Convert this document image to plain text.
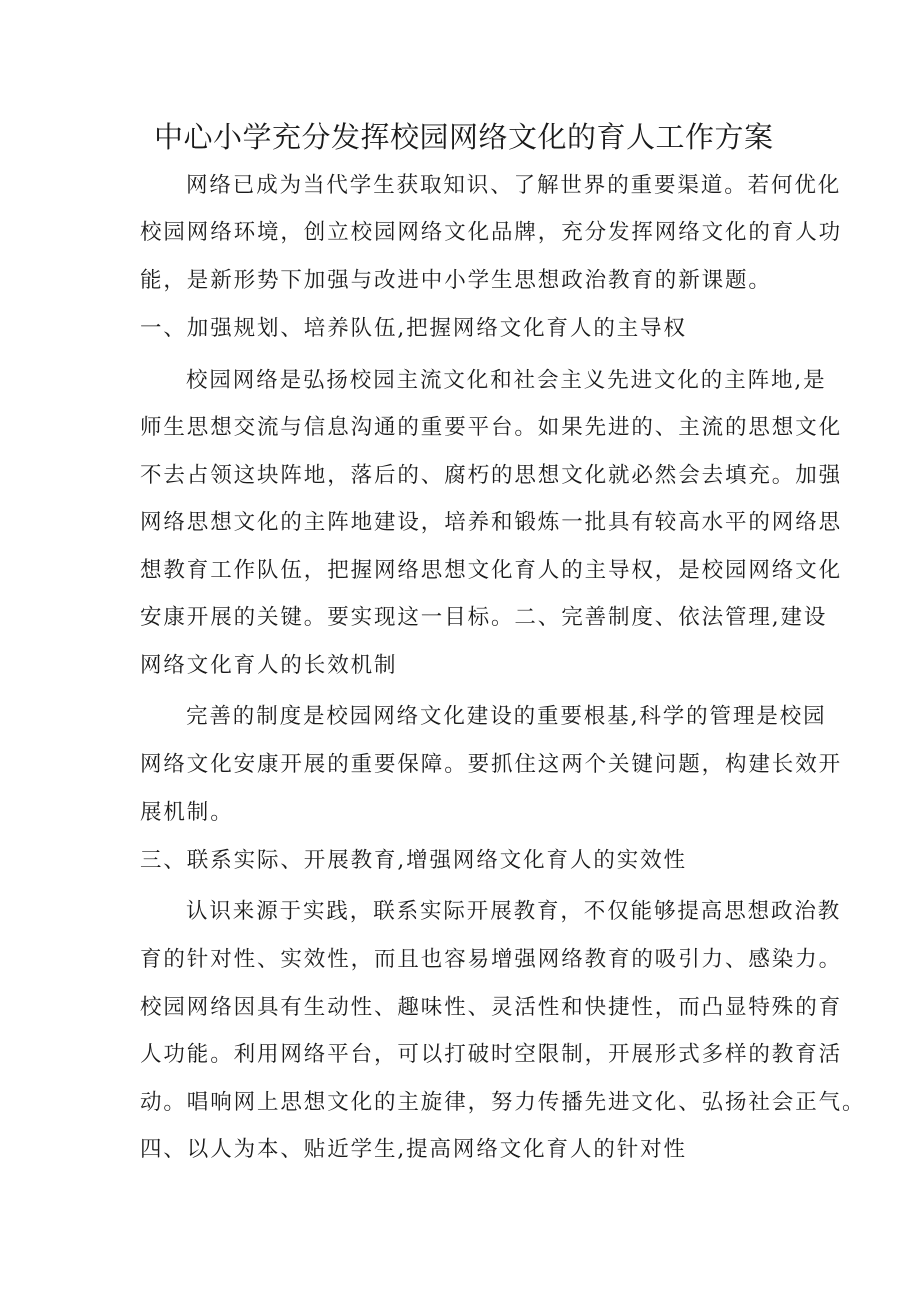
中心小学充分发挥校园网络文化的育人工作方案

网络已成为当代学生获取知识、了解世界的重要渠道。若何优化

校园网络环境，创立校园网络文化品牌，充分发挥网络文化的育人功

能，是新形势下加强与改进中小学生思想政治教育的新课题。

一、加强规划、培养队伍,把握网络文化育人的主导权

校园网络是弘扬校园主流文化和社会主义先进文化的主阵地,是

师生思想交流与信息沟通的重要平台。如果先进的、主流的思想文化

不去占领这块阵地，落后的、腐朽的思想文化就必然会去填充。加强

网络思想文化的主阵地建设，培养和锻炼一批具有较高水平的网络思

想教育工作队伍，把握网络思想文化育人的主导权，是校园网络文化

安康开展的关键。要实现这一目标。二、完善制度、依法管理,建设

网络文化育人的长效机制

完善的制度是校园网络文化建设的重要根基,科学的管理是校园

网络文化安康开展的重要保障。要抓住这两个关键问题，构建长效开

展机制。

三、联系实际、开展教育,增强网络文化育人的实效性

认识来源于实践，联系实际开展教育，不仅能够提高思想政治教

育的针对性、实效性，而且也容易增强网络教育的吸引力、感染力。

校园网络因具有生动性、趣味性、灵活性和快捷性，而凸显特殊的育

人功能。利用网络平台，可以打破时空限制，开展形式多样的教育活

动。唱响网上思想文化的主旋律，努力传播先进文化、弘扬社会正气。

四、以人为本、贴近学生,提高网络文化育人的针对性
